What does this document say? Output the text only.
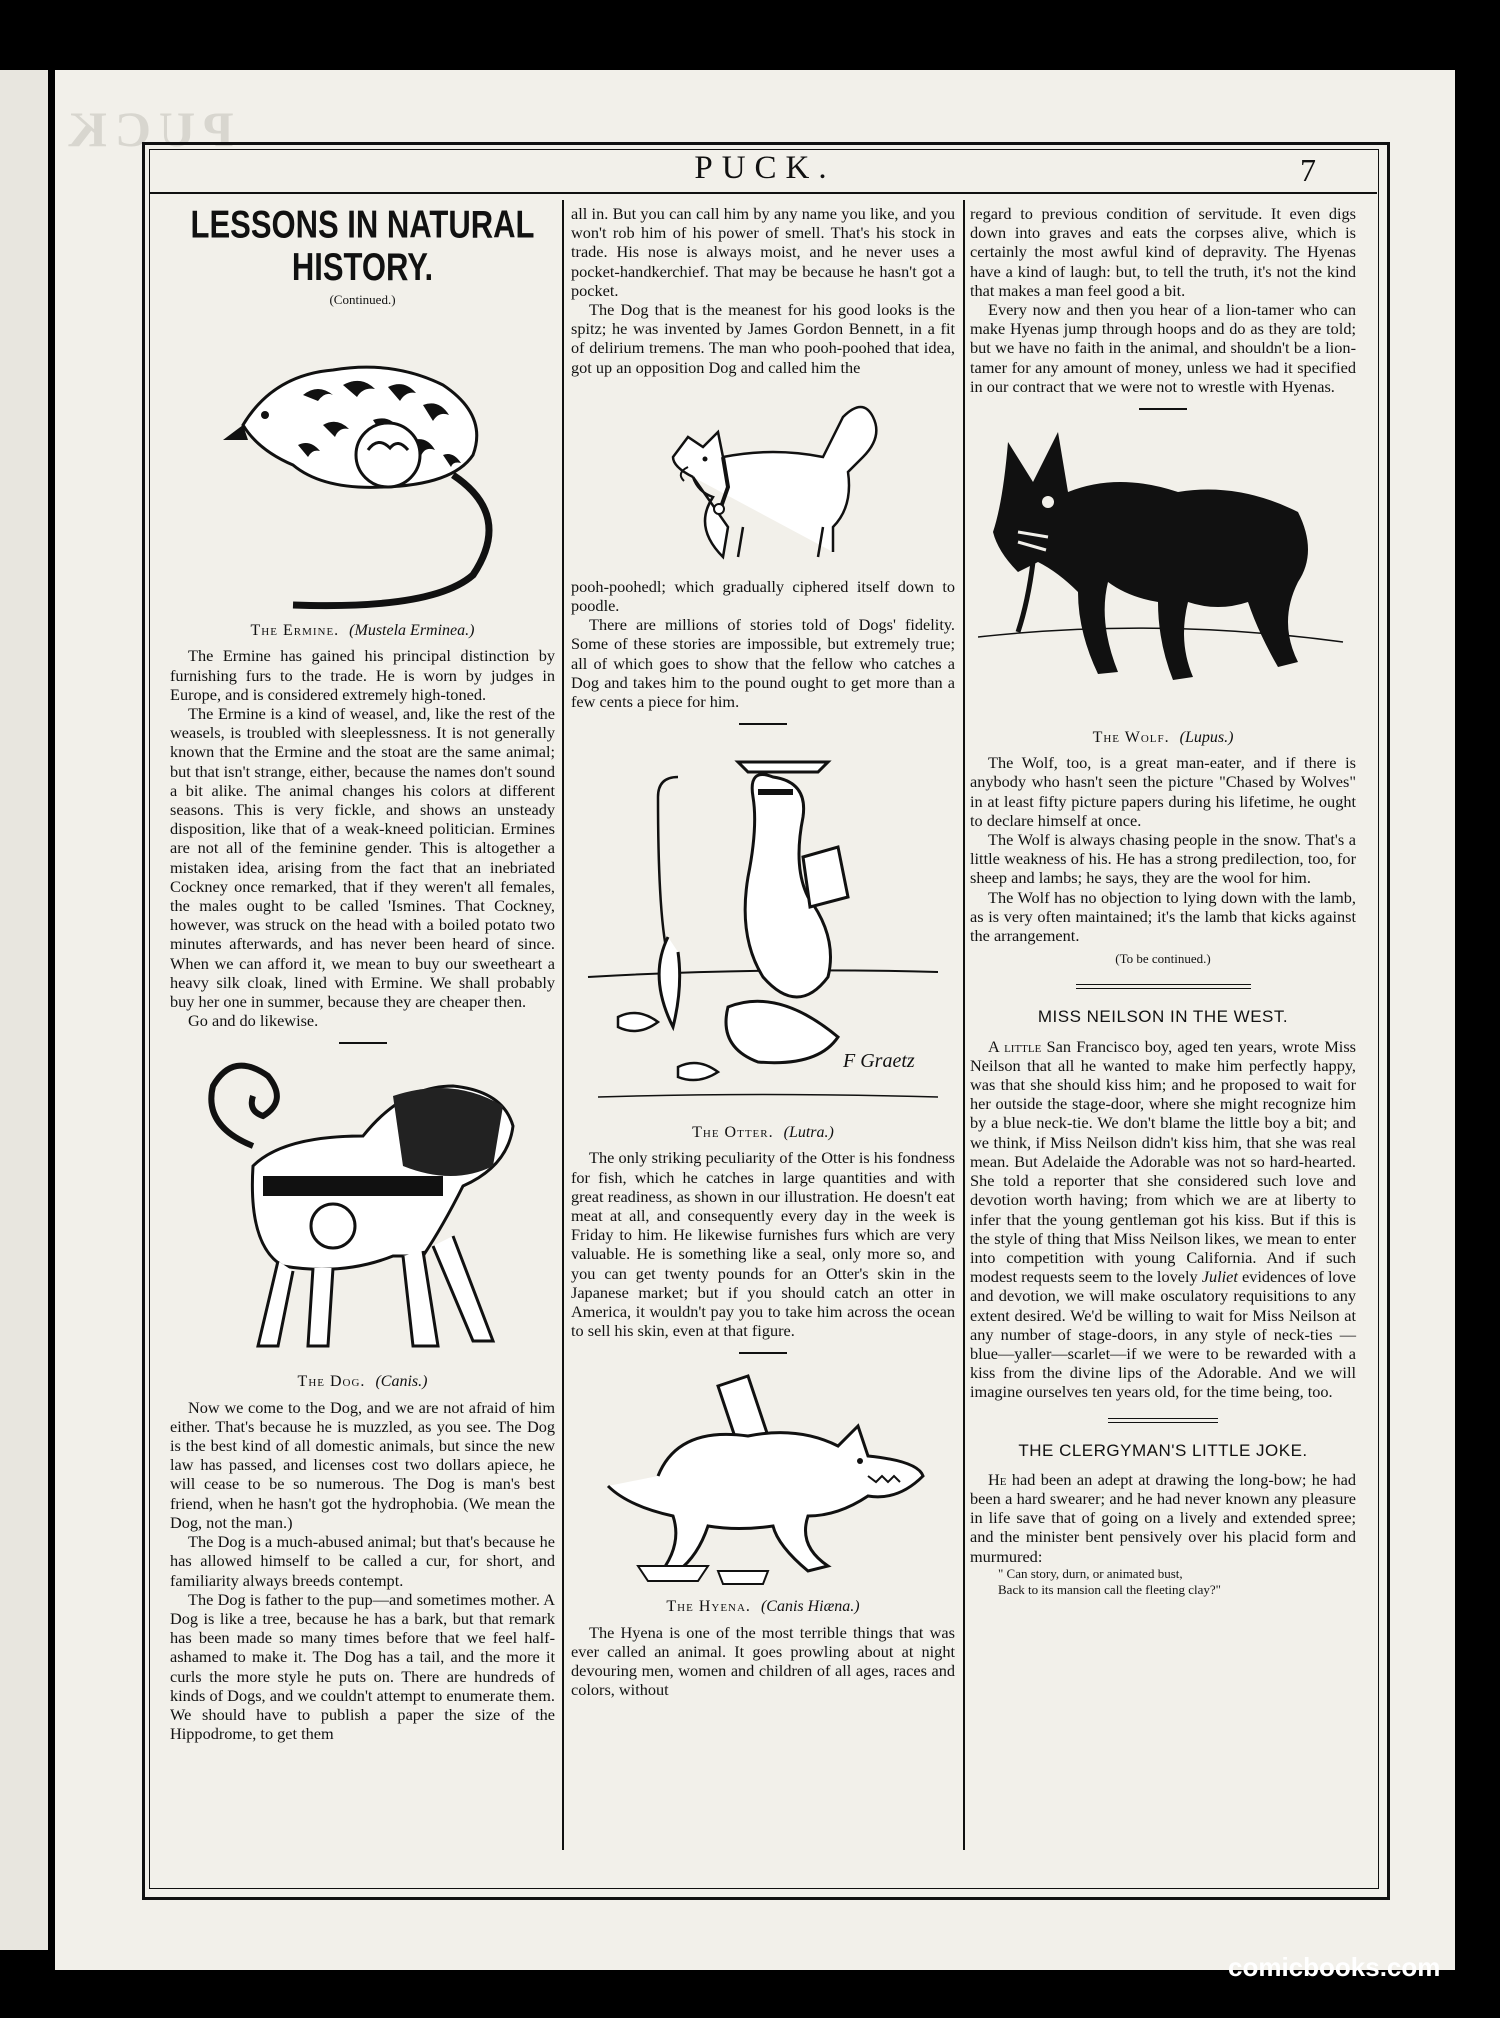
PUCK
PUCK.	7
LESSONS IN NATURAL HISTORY.
(Continued.)
The Ermine. (Mustela Erminea.)

The Ermine has gained his principal distinction by furnishing furs to the trade. He is worn by judges in Europe, and is considered extremely high-toned.

The Ermine is a kind of weasel, and, like the rest of the weasels, is troubled with sleeplessness. It is not generally known that the Ermine and the stoat are the same animal; but that isn't strange, either, because the names don't sound a bit alike. The animal changes his colors at different seasons. This is very fickle, and shows an unsteady disposition, like that of a weak-kneed politician. Ermines are not all of the feminine gender. This is altogether a mistaken idea, arising from the fact that an inebriated Cockney once remarked, that if they weren't all females, the males ought to be called 'Ismines. That Cockney, however, was struck on the head with a boiled potato two minutes afterwards, and has never been heard of since. When we can afford it, we mean to buy our sweetheart a heavy silk cloak, lined with Ermine. We shall probably buy her one in summer, because they are cheaper then.

Go and do likewise.

The Dog. (Canis.)

Now we come to the Dog, and we are not afraid of him either. That's because he is muzzled, as you see. The Dog is the best kind of all domestic animals, but since the new law has passed, and licenses cost two dollars apiece, he will cease to be so numerous. The Dog is man's best friend, when he hasn't got the hydrophobia. (We mean the Dog, not the man.)

The Dog is a much-abused animal; but that's because he has allowed himself to be called a cur, for short, and familiarity always breeds contempt.

The Dog is father to the pup—and sometimes mother. A Dog is like a tree, because he has a bark, but that remark has been made so many times before that we feel half-ashamed to make it. The Dog has a tail, and the more it curls the more style he puts on. There are hundreds of kinds of Dogs, and we couldn't attempt to enumerate them. We should have to publish a paper the size of the Hippodrome, to get them

all in. But you can call him by any name you like, and you won't rob him of his power of smell. That's his stock in trade. His nose is always moist, and he never uses a pocket-handkerchief. That may be because he hasn't got a pocket.

The Dog that is the meanest for his good looks is the spitz; he was invented by James Gordon Bennett, in a fit of delirium tremens. The man who pooh-poohed that idea, got up an opposition Dog and called him the

pooh-poohedl; which gradually ciphered itself down to poodle.

There are millions of stories told of Dogs' fidelity. Some of these stories are impossible, but extremely true; all of which goes to show that the fellow who catches a Dog and takes him to the pound ought to get more than a few cents a piece for him.

F Graetz
The Otter. (Lutra.)

The only striking peculiarity of the Otter is his fondness for fish, which he catches in large quantities and with great readiness, as shown in our illustration. He doesn't eat meat at all, and consequently every day in the week is Friday to him. He likewise furnishes furs which are very valuable. He is something like a seal, only more so, and you can get twenty pounds for an Otter's skin in the Japanese market; but if you should catch an otter in America, it wouldn't pay you to take him across the ocean to sell his skin, even at that figure.

The Hyena. (Canis Hiæna.)

The Hyena is one of the most terrible things that was ever called an animal. It goes prowling about at night devouring men, women and children of all ages, races and colors, without

regard to previous condition of servitude. It even digs down into graves and eats the corpses alive, which is certainly the most awful kind of depravity. The Hyenas have a kind of laugh: but, to tell the truth, it's not the kind that makes a man feel good a bit.

Every now and then you hear of a lion-tamer who can make Hyenas jump through hoops and do as they are told; but we have no faith in the animal, and shouldn't be a lion-tamer for any amount of money, unless we had it specified in our contract that we were not to wrestle with Hyenas.

The Wolf. (Lupus.)

The Wolf, too, is a great man-eater, and if there is anybody who hasn't seen the picture "Chased by Wolves" in at least fifty picture papers during his lifetime, he ought to declare himself at once.

The Wolf is always chasing people in the snow. That's a little weakness of his. He has a strong predilection, too, for sheep and lambs; he says, they are the wool for him.

The Wolf has no objection to lying down with the lamb, as is very often maintained; it's the lamb that kicks against the arrangement.

(To be continued.)
MISS NEILSON IN THE WEST.

A little San Francisco boy, aged ten years, wrote Miss Neilson that all he wanted to make him perfectly happy, was that she should kiss him; and he proposed to wait for her outside the stage-door, where she might recognize him by a blue neck-tie. We don't blame the little boy a bit; and we think, if Miss Neilson didn't kiss him, that she was real mean. But Adelaide the Adorable was not so hard-hearted. She told a reporter that she considered such love and devotion worth having; from which we are at liberty to infer that the young gentleman got his kiss. But if this is the style of thing that Miss Neilson likes, we mean to enter into competition with young California. And if such modest requests seem to the lovely Juliet evidences of love and devotion, we will make osculatory requisitions to any extent desired. We'd be willing to wait for Miss Neilson at any number of stage-doors, in any style of neck-ties —blue—yaller—scarlet—if we were to be rewarded with a kiss from the divine lips of the Adorable. And we will imagine ourselves ten years old, for the time being, too.

THE CLERGYMAN'S LITTLE JOKE.

He had been an adept at drawing the long-bow; he had been a hard swearer; and he had never known any pleasure in life save that of going on a lively and extended spree; and the minister bent pensively over his placid form and murmured:

" Can story, durn, or animated bust,
Back to its mansion call the fleeting clay?"
comicbooks.com
